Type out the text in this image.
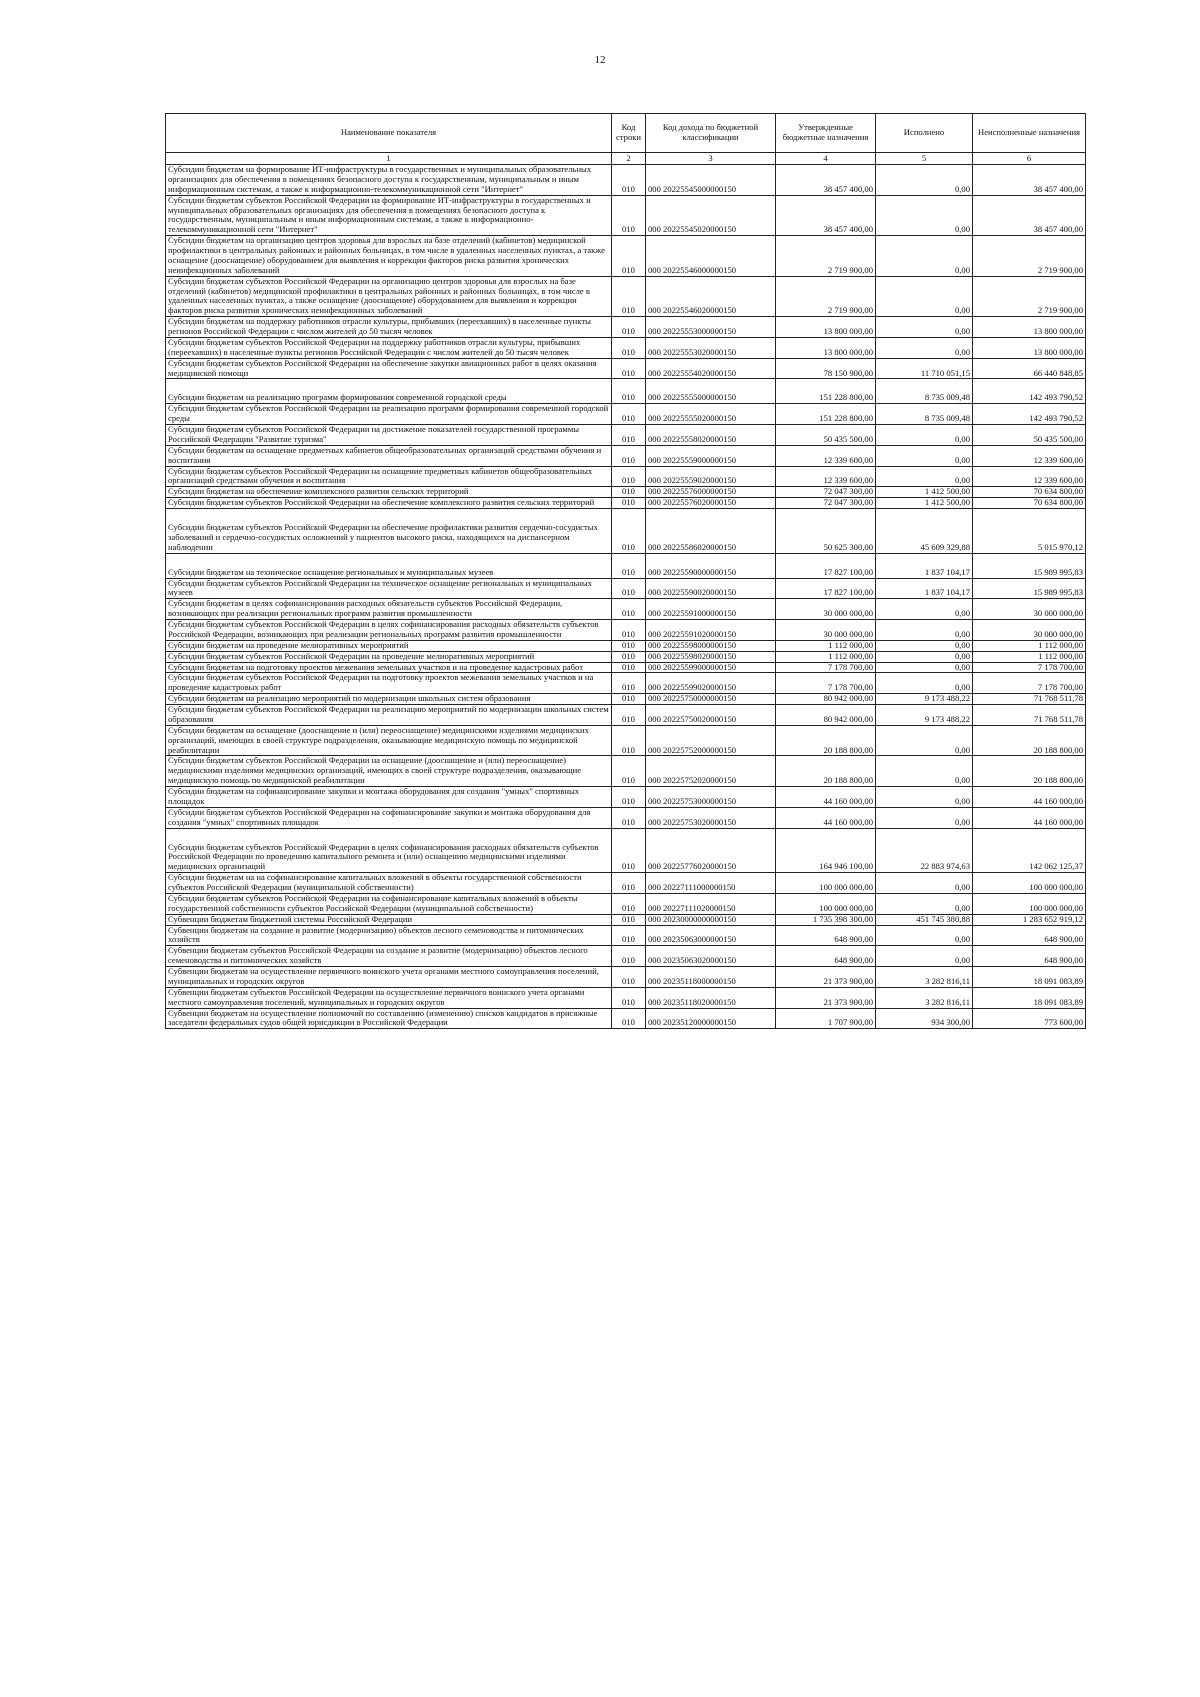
12
Наименование показателя	Код строки	Код дохода по бюджетной классификации	Утвержденные бюджетные назначения	Исполнено	Неисполненные назначения
1	2	3	4	5	6
Субсидии бюджетам на формирование ИТ-инфраструктуры в государственных и муниципальных образовательных организациях для обеспечения в помещениях безопасного доступа к государственным, муниципальным и иным информационным системам, а также к информационно-телекоммуникационной сети "Интернет"	010	000 20225545000000150	38 457 400,00	0,00	38 457 400,00
Субсидии бюджетам субъектов Российской Федерации на формирование ИТ-инфраструктуры в государственных и муниципальных образовательных организациях для обеспечения в помещениях безопасного доступа к государственным, муниципальным и иным информационным системам, а также к информационно-телекоммуникационной сети "Интернет"	010	000 20225545020000150	38 457 400,00	0,00	38 457 400,00
Субсидии бюджетам на организацию центров здоровья для взрослых на базе отделений (кабинетов) медицинской профилактики в центральных районных и районных больницах, в том числе в удаленных населенных пунктах, а также оснащение (дооснащение) оборудованием для выявления и коррекции факторов риска развития хронических неинфекционных заболеваний	010	000 20225546000000150	2 719 900,00	0,00	2 719 900,00
Субсидии бюджетам субъектов Российской Федерации на организацию центров здоровья для взрослых на базе отделений (кабинетов) медицинской профилактики в центральных районных и районных больницах, в том числе в удаленных населенных пунктах, а также оснащение (дооснащение) оборудованием для выявления и коррекции факторов риска развития хронических неинфекционных заболеваний	010	000 20225546020000150	2 719 900,00	0,00	2 719 900,00
Субсидии бюджетам на поддержку работников отрасли культуры, прибывших (переехавших) в населенные пункты регионов Российской Федерации с числом жителей до 50 тысяч человек	010	000 20225553000000150	13 800 000,00	0,00	13 800 000,00
Субсидии бюджетам субъектов Российской Федерации на поддержку работников отрасли культуры, прибывших (переехавших) в населенные пункты регионов Российской Федерации с числом жителей до 50 тысяч человек	010	000 20225553020000150	13 800 000,00	0,00	13 800 000,00
Субсидии бюджетам субъектов Российской Федерации на обеспечение закупки авиационных работ в целях оказания медицинской помощи	010	000 20225554020000150	78 150 900,00	11 710 051,15	66 440 848,85
Субсидии бюджетам на реализацию программ формирования современной городской среды	010	000 20225555000000150	151 228 800,00	8 735 009,48	142 493 790,52
Субсидии бюджетам субъектов Российской Федерации на реализацию программ формирования современной городской среды	010	000 20225555020000150	151 228 800,00	8 735 009,48	142 493 790,52
Субсидии бюджетам субъектов Российской Федерации на достижение показателей государственной программы Российской Федерации "Развитие туризма"	010	000 20225558020000150	50 435 500,00	0,00	50 435 500,00
Субсидии бюджетам на оснащение предметных кабинетов общеобразовательных организаций средствами обучения и воспитания	010	000 20225559000000150	12 339 600,00	0,00	12 339 600,00
Субсидии бюджетам субъектов Российской Федерации на оснащение предметных кабинетов общеобразовательных организаций средствами обучения и воспитания	010	000 20225559020000150	12 339 600,00	0,00	12 339 600,00
Субсидии бюджетам на обеспечение комплексного развития сельских территорий	010	000 20225576000000150	72 047 300,00	1 412 500,00	70 634 800,00
Субсидии бюджетам субъектов Российской Федерации на обеспечение комплексного развития сельских территорий	010	000 20225576020000150	72 047 300,00	1 412 500,00	70 634 800,00
Субсидии бюджетам субъектов Российской Федерации на обеспечение профилактики развития сердечно-сосудистых заболеваний и сердечно-сосудистых осложнений у пациентов высокого риска, находящихся на диспансерном наблюдении	010	000 20225586020000150	50 625 300,00	45 609 329,88	5 015 970,12
Субсидии бюджетам на техническое оснащение региональных и муниципальных музеев	010	000 20225590000000150	17 827 100,00	1 837 104,17	15 989 995,83
Субсидии бюджетам субъектов Российской Федерации на техническое оснащение региональных и муниципальных музеев	010	000 20225590020000150	17 827 100,00	1 837 104,17	15 989 995,83
Субсидии бюджетам в целях софинансирования расходных обязательств субъектов Российской Федерации, возникающих при реализации региональных программ развития промышленности	010	000 20225591000000150	30 000 000,00	0,00	30 000 000,00
Субсидии бюджетам субъектов Российской Федерации в целях софинансирования расходных обязательств субъектов Российской Федерации, возникающих при реализации региональных программ развития промышленности	010	000 20225591020000150	30 000 000,00	0,00	30 000 000,00
Субсидии бюджетам на проведение мелиоративных мероприятий	010	000 20225598000000150	1 112 000,00	0,00	1 112 000,00
Субсидии бюджетам субъектов Российской Федерации на проведение мелиоративных мероприятий	010	000 20225598020000150	1 112 000,00	0,00	1 112 000,00
Субсидии бюджетам на подготовку проектов межевания земельных участков и на проведение кадастровых работ	010	000 20225599000000150	7 178 700,00	0,00	7 178 700,00
Субсидии бюджетам субъектов Российской Федерации на подготовку проектов межевания земельных участков и на проведение кадастровых работ	010	000 20225599020000150	7 178 700,00	0,00	7 178 700,00
Субсидии бюджетам на реализацию мероприятий по модернизации школьных систем образования	010	000 20225750000000150	80 942 000,00	9 173 488,22	71 768 511,78
Субсидии бюджетам субъектов Российской Федерации на реализацию мероприятий по модернизации школьных систем образования	010	000 20225750020000150	80 942 000,00	9 173 488,22	71 768 511,78
Субсидии бюджетам на оснащение (дооснащение и (или) переоснащение) медицинскими изделиями медицинских организаций, имеющих в своей структуре подразделения, оказывающие медицинскую помощь по медицинской реабилитации	010	000 20225752000000150	20 188 800,00	0,00	20 188 800,00
Субсидии бюджетам субъектов Российской Федерации на оснащение (дооснащение и (или) переоснащение) медицинскими изделиями медицинских организаций, имеющих в своей структуре подразделения, оказывающие медицинскую помощь по медицинской реабилитации	010	000 20225752020000150	20 188 800,00	0,00	20 188 800,00
Субсидии бюджетам на софинансирование закупки и монтажа оборудования для создания "умных" спортивных площадок	010	000 20225753000000150	44 160 000,00	0,00	44 160 000,00
Субсидии бюджетам субъектов Российской Федерации на софинансирование закупки и монтажа оборудования для создания "умных" спортивных площадок	010	000 20225753020000150	44 160 000,00	0,00	44 160 000,00
Субсидии бюджетам субъектов Российской Федерации в целях софинансирования расходных обязательств субъектов Российской Федерации по проведению капитального ремонта и (или) оснащению медицинскими изделиями медицинских организаций	010	000 20225776020000150	164 946 100,00	22 883 974,63	142 062 125,37
Субсидии бюджетам на на софинансирование капитальных вложений в объекты государственной собственности субъектов Российской Федерации (муниципальной собственности)	010	000 20227111000000150	100 000 000,00	0,00	100 000 000,00
Субсидии бюджетам субъектов Российской Федерации на софинансирование капитальных вложений в объекты государственной собственности субъектов Российской Федерации (муниципальной собственности)	010	000 20227111020000150	100 000 000,00	0,00	100 000 000,00
Субвенции бюджетам бюджетной системы Российской Федерации	010	000 20230000000000150	1 735 398 300,00	451 745 380,88	1 283 652 919,12
Субвенции бюджетам на создание и развитие (модернизацию) объектов лесного семеноводства и питомнических хозяйств	010	000 20235063000000150	648 900,00	0,00	648 900,00
Субвенции бюджетам субъектов Российской Федерации на создание и развитие (модернизацию) объектов лесного семеноводства и питомнических хозяйств	010	000 20235063020000150	648 900,00	0,00	648 900,00
Субвенции бюджетам на осуществление первичного воинского учета органами местного самоуправления поселений, муниципальных и городских округов	010	000 20235118000000150	21 373 900,00	3 282 816,11	18 091 083,89
Субвенции бюджетам субъектов Российской Федерации на осуществление первичного воинского учета органами местного самоуправления поселений, муниципальных и городских округов	010	000 20235118020000150	21 373 900,00	3 282 816,11	18 091 083,89
Субвенции бюджетам на осуществление полномочий по составлению (изменению) списков кандидатов в присяжные заседатели федеральных судов общей юрисдикции в Российской Федерации	010	000 20235120000000150	1 707 900,00	934 300,00	773 600,00
